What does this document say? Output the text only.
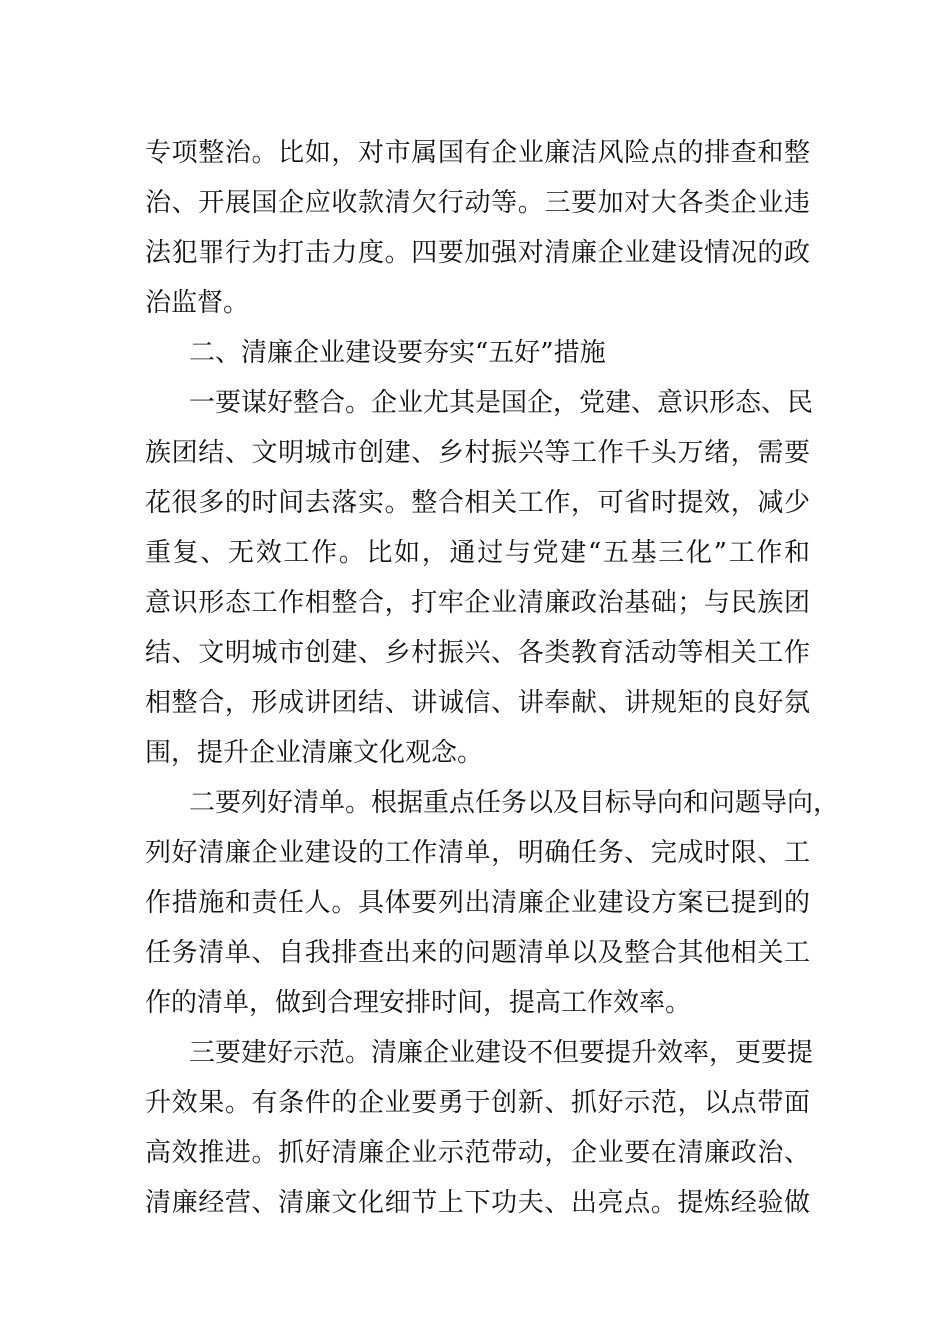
专项整治。比如，对市属国有企业廉洁风险点的排查和整
治、开展国企应收款清欠行动等。三要加对大各类企业违
法犯罪行为打击力度。四要加强对清廉企业建设情况的政
治监督。
二、清廉企业建设要夯实“五好”措施
一要谋好整合。企业尤其是国企，党建、意识形态、民
族团结、文明城市创建、乡村振兴等工作千头万绪，需要
花很多的时间去落实。整合相关工作，可省时提效，减少
重复、无效工作。比如，通过与党建“五基三化”工作和
意识形态工作相整合，打牢企业清廉政治基础；与民族团
结、文明城市创建、乡村振兴、各类教育活动等相关工作
相整合，形成讲团结、讲诚信、讲奉献、讲规矩的良好氛
围，提升企业清廉文化观念。
二要列好清单。根据重点任务以及目标导向和问题导向，
列好清廉企业建设的工作清单，明确任务、完成时限、工
作措施和责任人。具体要列出清廉企业建设方案已提到的
任务清单、自我排查出来的问题清单以及整合其他相关工
作的清单，做到合理安排时间，提高工作效率。
三要建好示范。清廉企业建设不但要提升效率，更要提
升效果。有条件的企业要勇于创新、抓好示范，以点带面
高效推进。抓好清廉企业示范带动，企业要在清廉政治、
清廉经营、清廉文化细节上下功夫、出亮点。提炼经验做
